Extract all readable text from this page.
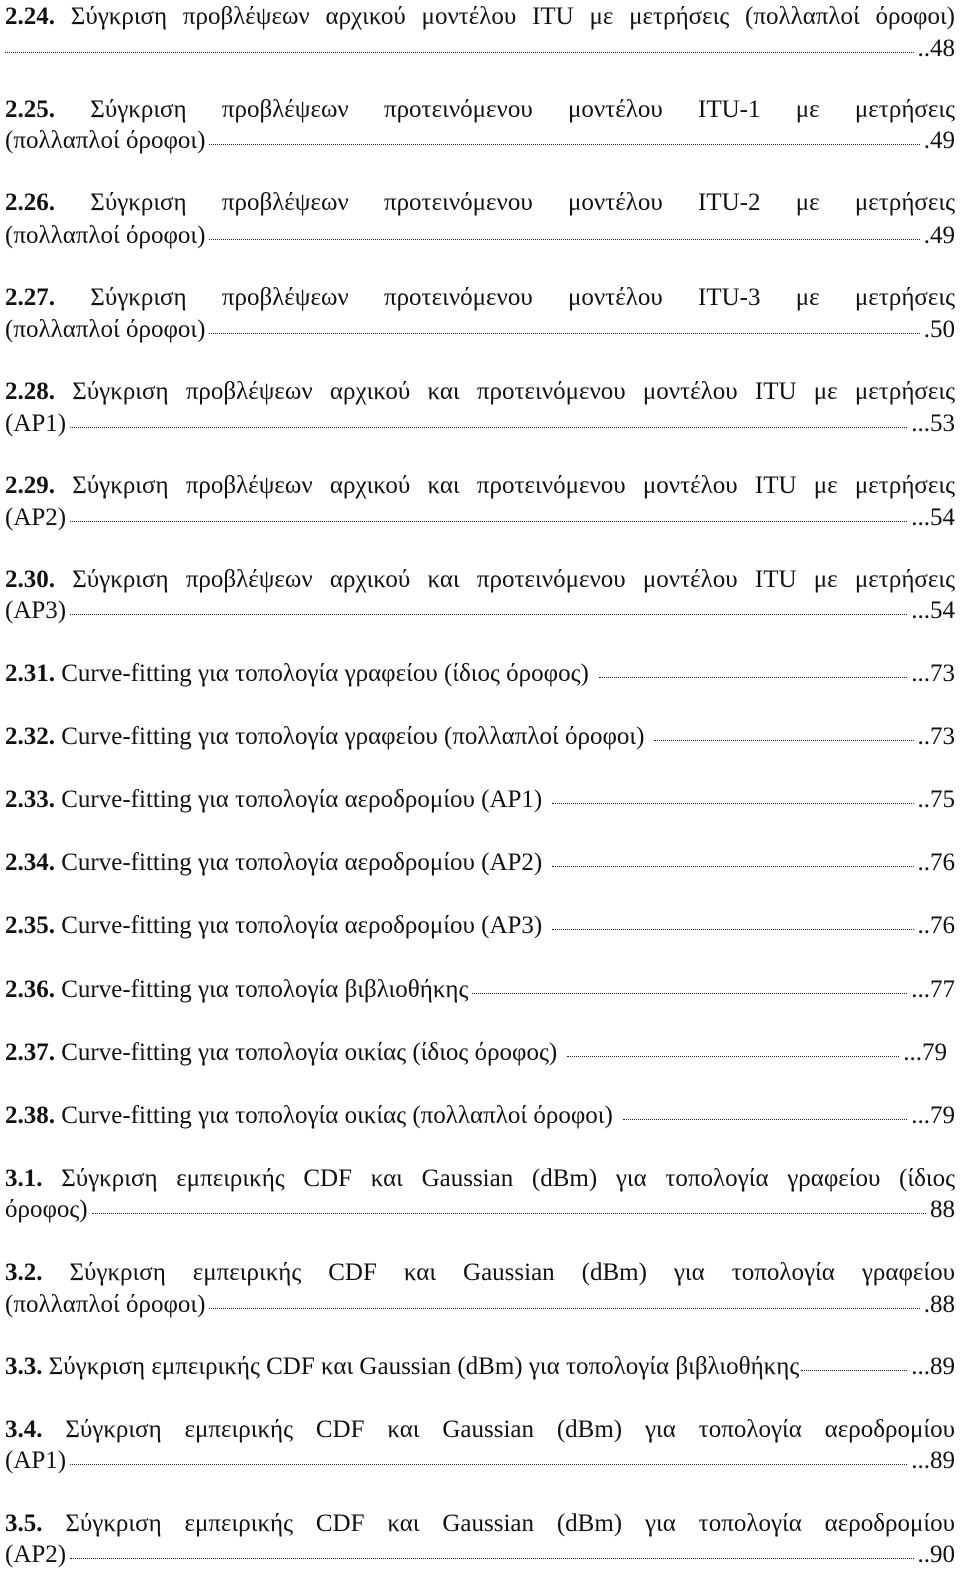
2.24. Σύγκριση προβλέψεων αρχικού μοντέλου ITU με μετρήσεις (πολλαπλοί όροφοι)
..48
2.25. Σύγκριση προβλέψεων προτεινόμενου μοντέλου ITU-1 με μετρήσεις
(πολλαπλοί όροφοι)	.49
2.26. Σύγκριση προβλέψεων προτεινόμενου μοντέλου ITU-2 με μετρήσεις
(πολλαπλοί όροφοι)	.49
2.27. Σύγκριση προβλέψεων προτεινόμενου μοντέλου ITU-3 με μετρήσεις
(πολλαπλοί όροφοι)	.50
2.28. Σύγκριση προβλέψεων αρχικού και προτεινόμενου μοντέλου ITU με μετρήσεις
(AP1)	...53
2.29. Σύγκριση προβλέψεων αρχικού και προτεινόμενου μοντέλου ITU με μετρήσεις
(AP2)	...54
2.30. Σύγκριση προβλέψεων αρχικού και προτεινόμενου μοντέλου ITU με μετρήσεις
(AP3)	...54
2.31.
Curve-fitting για τοπολογία γραφείου (ίδιος όροφος)	...73
2.32.
Curve-fitting για τοπολογία γραφείου (πολλαπλοί όροφοι)	..73
2.33.
Curve-fitting για τοπολογία αεροδρομίου (AP1)	..75
2.34.
Curve-fitting για τοπολογία αεροδρομίου (AP2)	..76
2.35.
Curve-fitting για τοπολογία αεροδρομίου (AP3)	..76
2.36.
Curve-fitting για τοπολογία βιβλιοθήκης	...77
2.37.
Curve-fitting για τοπολογία οικίας (ίδιος όροφος)	...79
2.38.
Curve-fitting για τοπολογία οικίας (πολλαπλοί όροφοι)	...79
3.1. Σύγκριση εμπειρικής CDF και Gaussian (dBm) για τοπολογία γραφείου (ίδιος
όροφος)	88
3.2. Σύγκριση εμπειρικής CDF και Gaussian (dBm) για τοπολογία γραφείου
(πολλαπλοί όροφοι)	.88
3.3.
Σύγκριση εμπειρικής CDF και Gaussian (dBm) για τοπολογία βιβλιοθήκης	...89
3.4. Σύγκριση εμπειρικής CDF και Gaussian (dBm) για τοπολογία αεροδρομίου
(AP1)	...89
3.5. Σύγκριση εμπειρικής CDF και Gaussian (dBm) για τοπολογία αεροδρομίου
(AP2)	..90
